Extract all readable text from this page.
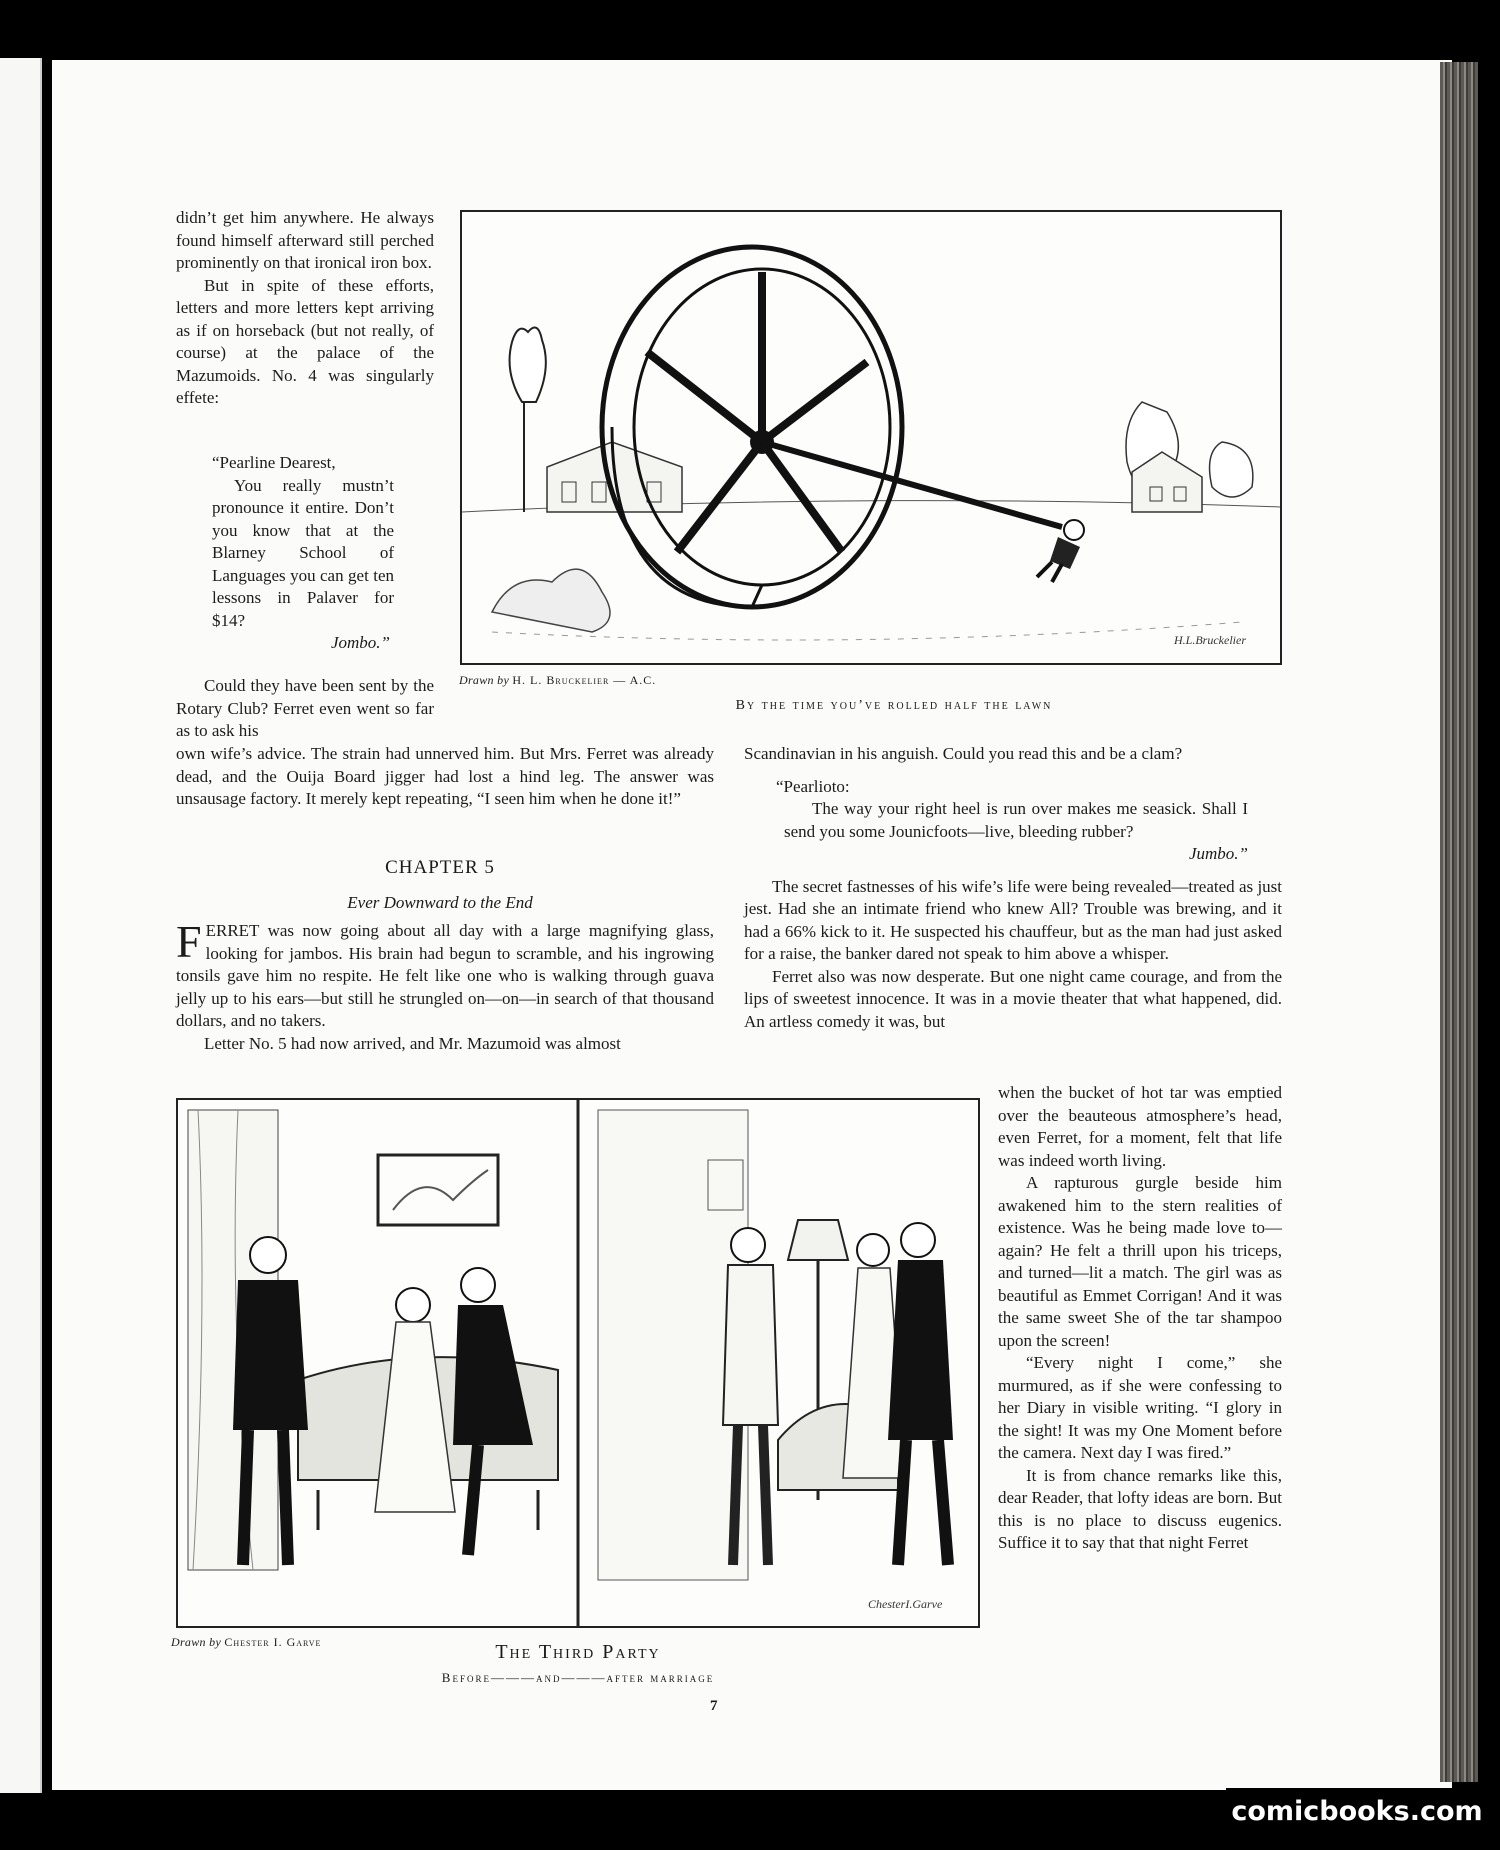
didn’t get him anywhere. He always found himself afterward still perched prominently on that ironical iron box.

But in spite of these efforts, letters and more letters kept arriving as if on horseback (but not really, of course) at the palace of the Mazumoids. No. 4 was singularly effete:

“Pearline Dearest,

You really mustn’t pronounce it entire. Don’t you know that at the Blarney School of Languages you can get ten lessons in Palaver for $14?

Jombo.”

Could they have been sent by the Rotary Club? Ferret even went so far as to ask his

H.L.Bruckelier
Drawn by H. L. Bruckelier — A.C.
By the time you’ve rolled half the lawn

own wife’s advice. The strain had unnerved him. But Mrs. Ferret was already dead, and the Ouija Board jigger had lost a hind leg. The answer was unsausage factory. It merely kept repeating, “I seen him when he done it!”

CHAPTER 5
Ever Downward to the End

FERRET was now going about all day with a large magnifying glass, looking for jambos. His brain had begun to scramble, and his ingrowing tonsils gave him no respite. He felt like one who is walking through guava jelly up to his ears—but still he strungled on—on—in search of that thousand dollars, and no takers.

Letter No. 5 had now arrived, and Mr. Mazumoid was almost

Scandinavian in his anguish. Could you read this and be a clam?

“Pearlioto:

The way your right heel is run over makes me seasick. Shall I send you some Jounicfoots—live, bleeding rubber?

Jumbo.”

The secret fastnesses of his wife’s life were being revealed—treated as just jest. Had she an intimate friend who knew All? Trouble was brewing, and it had a 66% kick to it. He suspected his chauffeur, but as the man had just asked for a raise, the banker dared not speak to him above a whisper.

Ferret also was now desperate. But one night came courage, and from the lips of sweetest innocence. It was in a movie theater that what happened, did. An artless comedy it was, but

when the bucket of hot tar was emptied over the beauteous atmosphere’s head, even Ferret, for a moment, felt that life was indeed worth living.

A rapturous gurgle beside him awakened him to the stern realities of existence. Was he being made love to—again? He felt a thrill upon his triceps, and turned—lit a match. The girl was as beautiful as Emmet Corrigan! And it was the same sweet She of the tar shampoo upon the screen!

“Every night I come,” she murmured, as if she were confessing to her Diary in visible writing. “I glory in the sight! It was my One Moment before the camera. Next day I was fired.”

It is from chance remarks like this, dear Reader, that lofty ideas are born. But this is no place to discuss eugenics. Suffice it to say that that night Ferret

ChesterI.Garve
Drawn by Chester I. Garve	The Third Party
Before———and———after marriage
7
comicbooks.com
